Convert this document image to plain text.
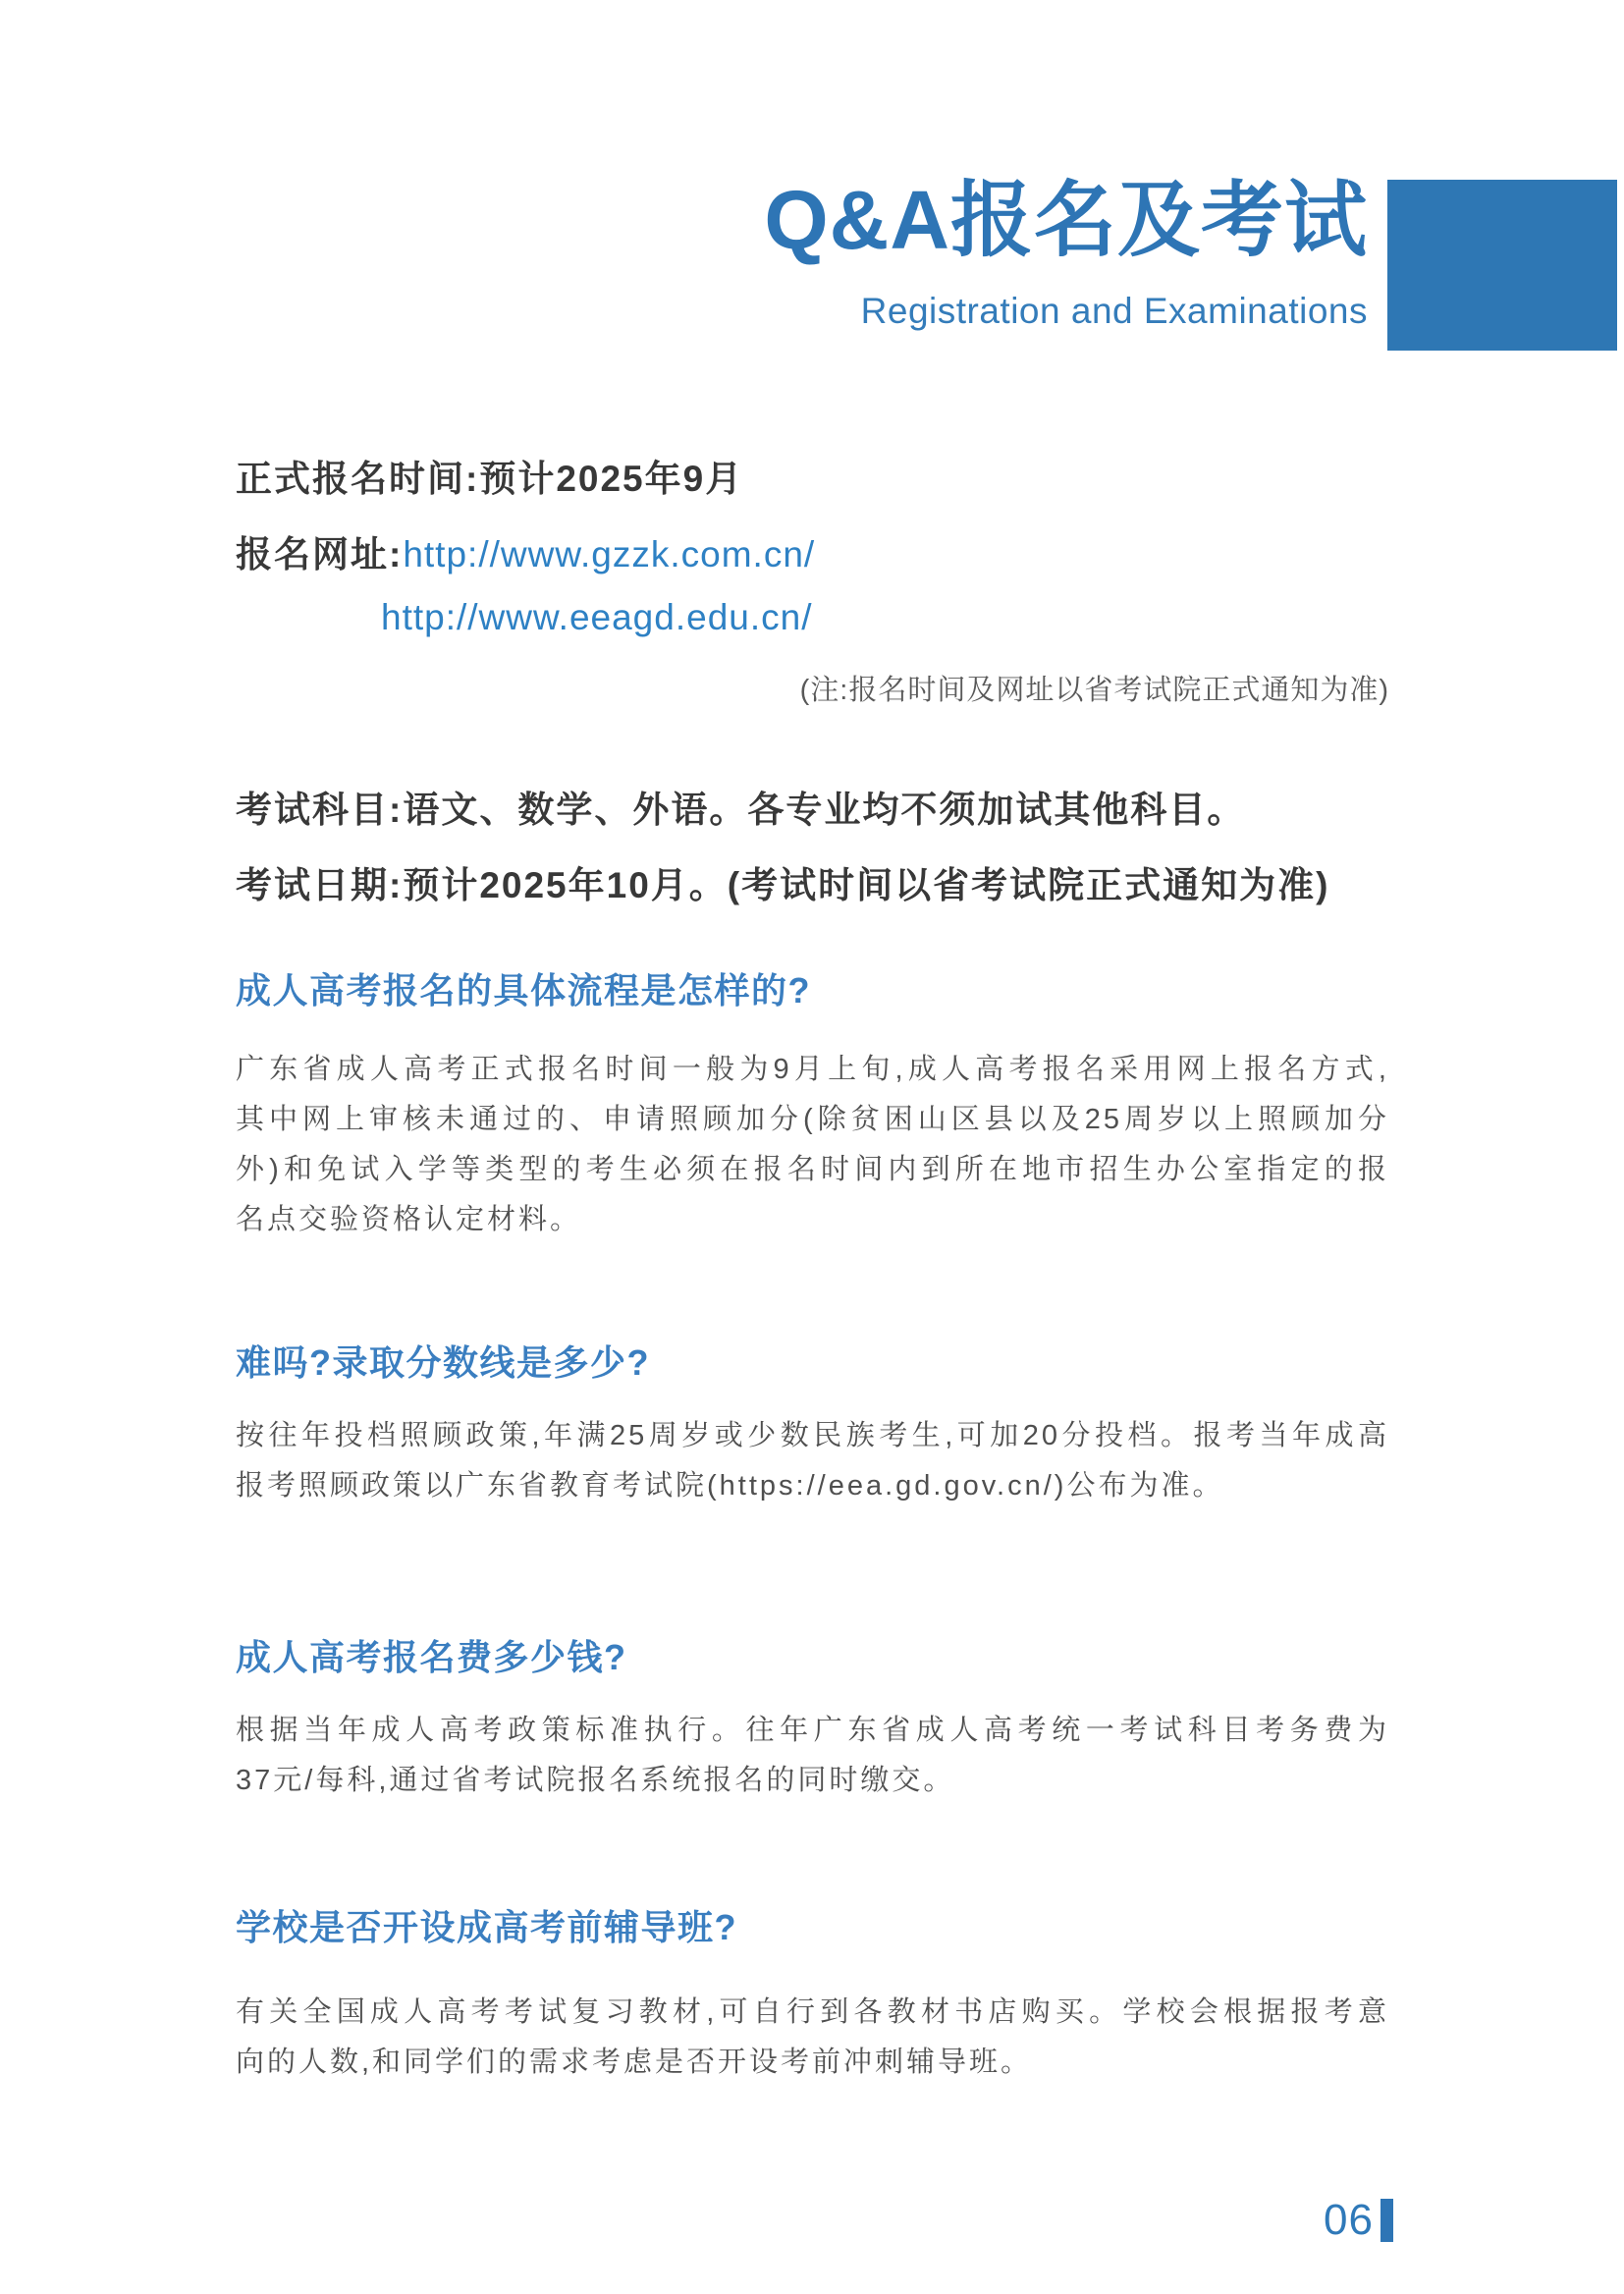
Q&A报名及考试
Registration and Examinations
正式报名时间:预计2025年9月
报名网址:http://www.gzzk.com.cn/
http://www.eeagd.edu.cn/
(注:报名时间及网址以省考试院正式通知为准)
考试科目:语文、数学、外语。各专业均不须加试其他科目。
考试日期:预计2025年10月。(考试时间以省考试院正式通知为准)
成人高考报名的具体流程是怎样的?
广东省成人高考正式报名时间一般为9月上旬,成人高考报名采用网上报名方式,
其中网上审核未通过的、申请照顾加分(除贫困山区县以及25周岁以上照顾加分
外)和免试入学等类型的考生必须在报名时间内到所在地市招生办公室指定的报
名点交验资格认定材料。
难吗?录取分数线是多少?
按往年投档照顾政策,年满25周岁或少数民族考生,可加20分投档。报考当年成高
报考照顾政策以广东省教育考试院(https://eea.gd.gov.cn/)公布为准。
成人高考报名费多少钱?
根据当年成人高考政策标准执行。往年广东省成人高考统一考试科目考务费为
37元/每科,通过省考试院报名系统报名的同时缴交。
学校是否开设成高考前辅导班?
有关全国成人高考考试复习教材,可自行到各教材书店购买。学校会根据报考意
向的人数,和同学们的需求考虑是否开设考前冲刺辅导班。
06
